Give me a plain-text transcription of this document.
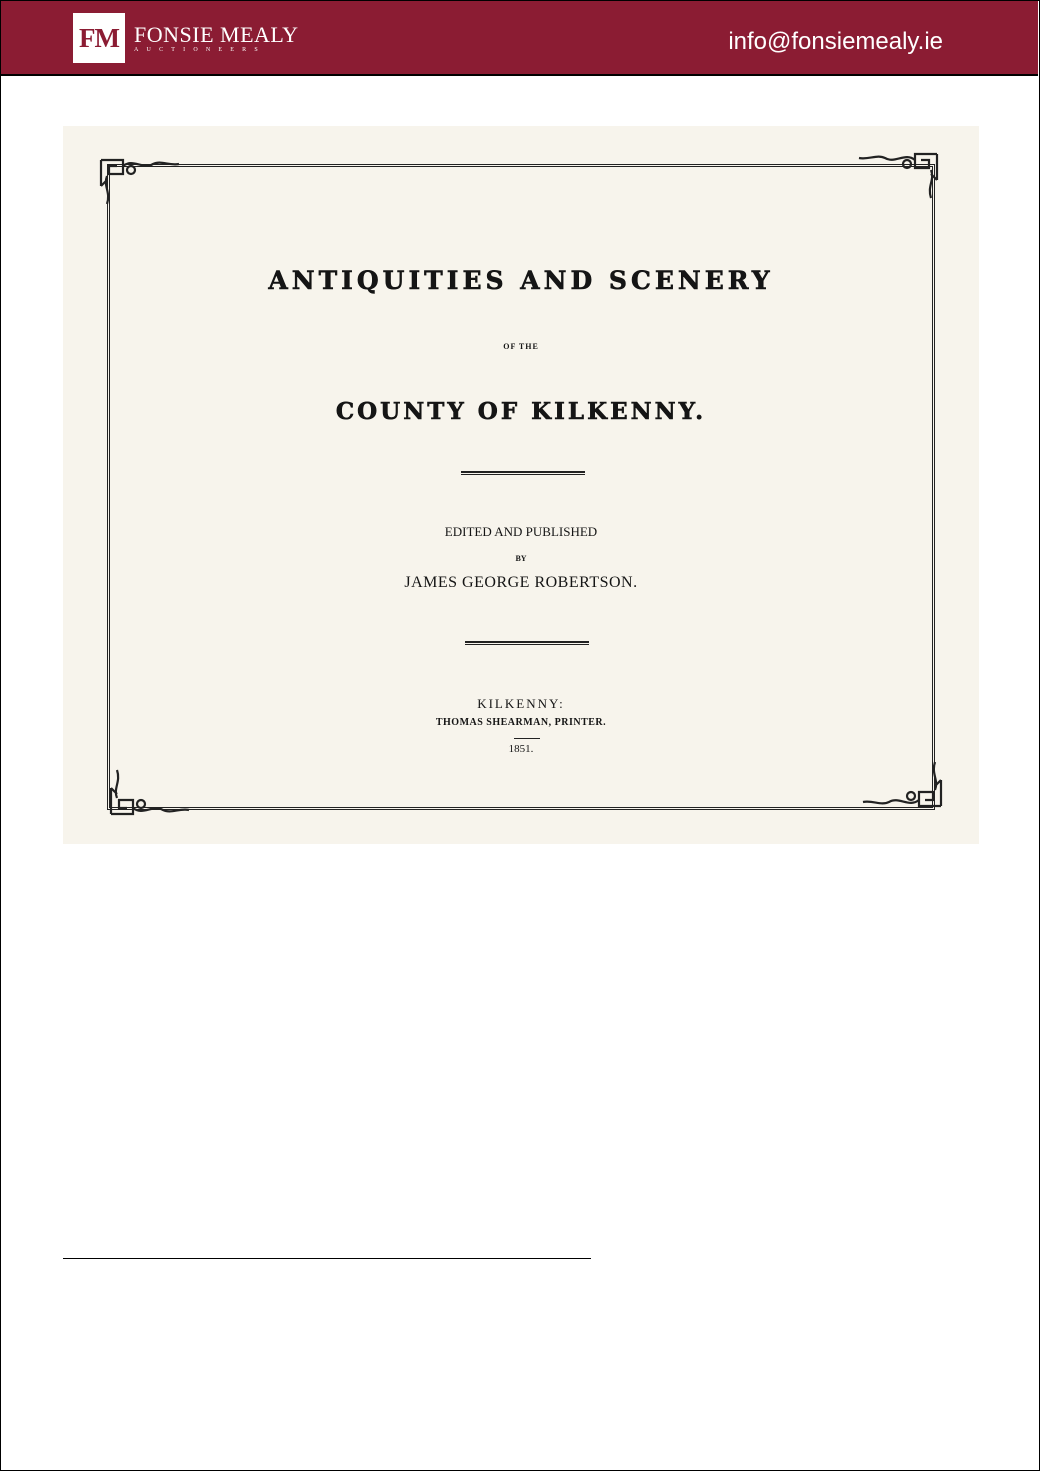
FM FONSIE MEALY
AUCTIONEERS	info@fonsiemealy.ie
ANTIQUITIES AND SCENERY
OF THE
COUNTY OF KILKENNY.
EDITED AND PUBLISHED
BY
JAMES GEORGE ROBERTSON.
KILKENNY:
THOMAS SHEARMAN, PRINTER.
1851.
